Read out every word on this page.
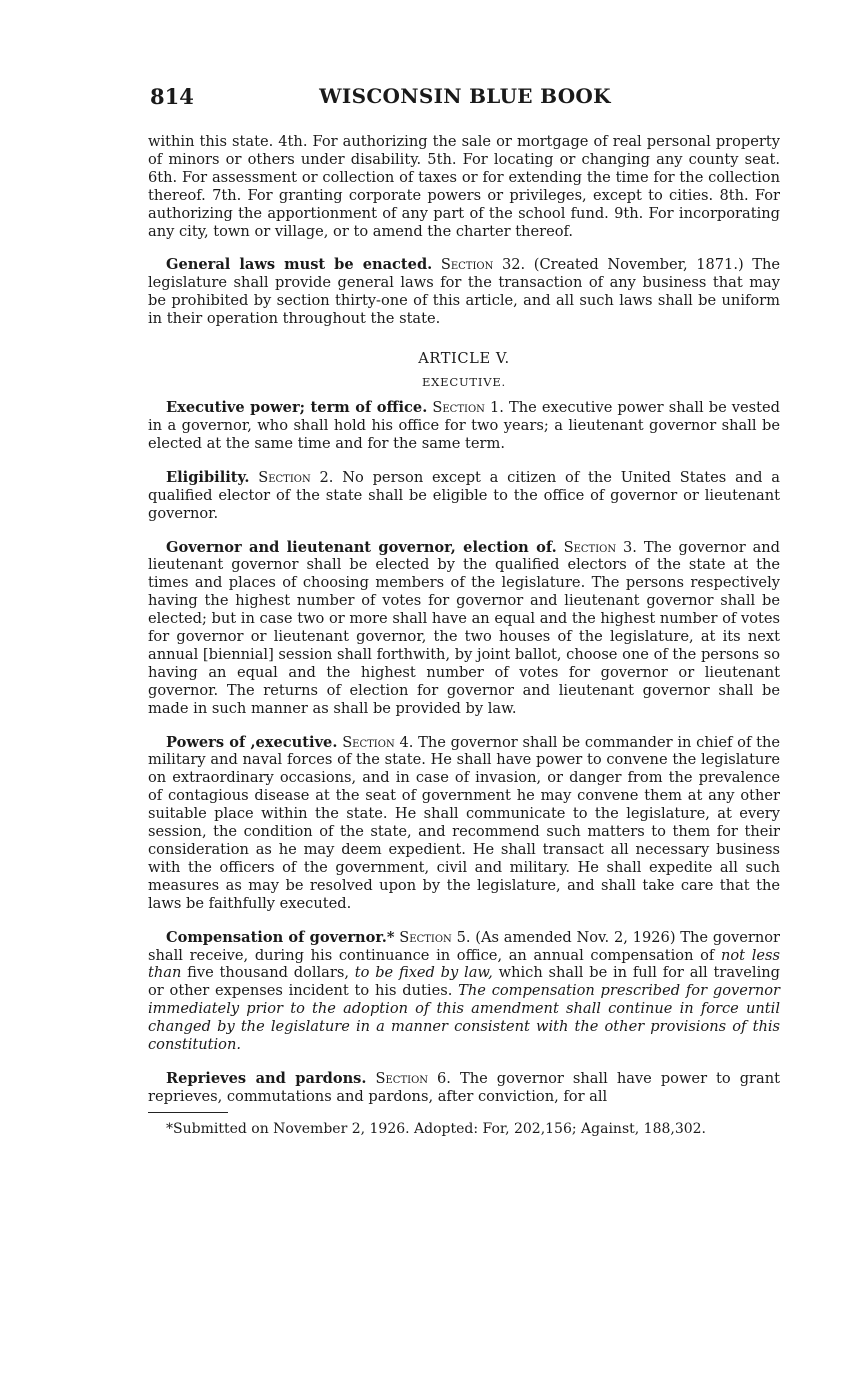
814	WISCONSIN BLUE BOOK

within this state. 4th. For authorizing the sale or mortgage of real personal property of minors or others under disability. 5th. For locating or changing any county seat. 6th. For assessment or collection of taxes or for extending the time for the collection thereof. 7th. For granting corporate powers or privileges, except to cities. 8th. For authorizing the apportionment of any part of the school fund. 9th. For incorporating any city, town or village, or to amend the charter thereof.

General laws must be enacted. Section 32. (Created November, 1871.) The legislature shall provide general laws for the transaction of any business that may be prohibited by section thirty-one of this article, and all such laws shall be uniform in their operation throughout the state.

ARTICLE V.
EXECUTIVE.

Executive power; term of office. Section 1. The executive power shall be vested in a governor, who shall hold his office for two years; a lieutenant governor shall be elected at the same time and for the same term.

Eligibility. Section 2. No person except a citizen of the United States and a qualified elector of the state shall be eligible to the office of governor or lieutenant governor.

Governor and lieutenant governor, election of. Section 3. The governor and lieutenant governor shall be elected by the qualified electors of the state at the times and places of choosing members of the legislature. The persons respectively having the highest number of votes for governor and lieutenant governor shall be elected; but in case two or more shall have an equal and the highest number of votes for governor or lieutenant governor, the two houses of the legislature, at its next annual [biennial] session shall forthwith, by joint ballot, choose one of the persons so having an equal and the highest number of votes for governor or lieutenant governor. The returns of election for governor and lieutenant governor shall be made in such manner as shall be provided by law.

Powers of ,executive. Section 4. The governor shall be commander in chief of the military and naval forces of the state. He shall have power to convene the legislature on extraordinary occasions, and in case of invasion, or danger from the prevalence of contagious disease at the seat of government he may convene them at any other suitable place within the state. He shall communicate to the legislature, at every session, the condition of the state, and recommend such matters to them for their consideration as he may deem expedient. He shall transact all necessary business with the officers of the government, civil and military. He shall expedite all such measures as may be resolved upon by the legislature, and shall take care that the laws be faithfully executed.

Compensation of governor.* Section 5. (As amended Nov. 2, 1926) The governor shall receive, during his continuance in office, an annual compensation of not less than five thousand dollars, to be fixed by law, which shall be in full for all traveling or other expenses incident to his duties. The compensation prescribed for governor immediately prior to the adoption of this amendment shall continue in force until changed by the legislature in a manner consistent with the other provisions of this constitution.

Reprieves and pardons. Section 6. The governor shall have power to grant reprieves, commutations and pardons, after conviction, for all

*Submitted on November 2, 1926. Adopted: For, 202,156; Against, 188,302.
